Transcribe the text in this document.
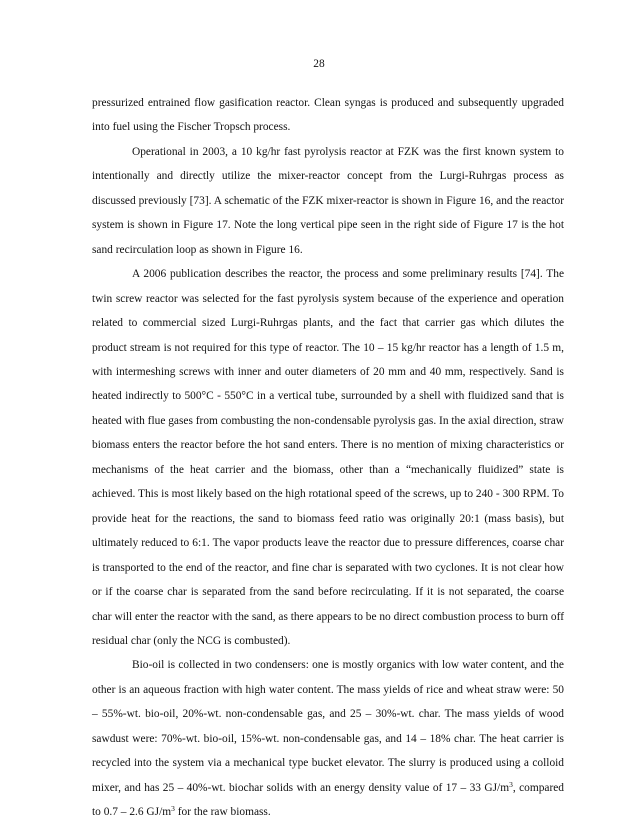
28

pressurized entrained flow gasification reactor. Clean syngas is produced and subsequently upgraded into fuel using the Fischer Tropsch process.

Operational in 2003, a 10 kg/hr fast pyrolysis reactor at FZK was the first known system to intentionally and directly utilize the mixer-reactor concept from the Lurgi-Ruhrgas process as discussed previously [73]. A schematic of the FZK mixer-reactor is shown in Figure 16, and the reactor system is shown in Figure 17. Note the long vertical pipe seen in the right side of Figure 17 is the hot sand recirculation loop as shown in Figure 16.

A 2006 publication describes the reactor, the process and some preliminary results [74]. The twin screw reactor was selected for the fast pyrolysis system because of the experience and operation related to commercial sized Lurgi-Ruhrgas plants, and the fact that carrier gas which dilutes the product stream is not required for this type of reactor. The 10 – 15 kg/hr reactor has a length of 1.5 m, with intermeshing screws with inner and outer diameters of 20 mm and 40 mm, respectively. Sand is heated indirectly to 500°C - 550°C in a vertical tube, surrounded by a shell with fluidized sand that is heated with flue gases from combusting the non-condensable pyrolysis gas. In the axial direction, straw biomass enters the reactor before the hot sand enters. There is no mention of mixing characteristics or mechanisms of the heat carrier and the biomass, other than a “mechanically fluidized” state is achieved. This is most likely based on the high rotational speed of the screws, up to 240 - 300 RPM. To provide heat for the reactions, the sand to biomass feed ratio was originally 20:1 (mass basis), but ultimately reduced to 6:1. The vapor products leave the reactor due to pressure differences, coarse char is transported to the end of the reactor, and fine char is separated with two cyclones. It is not clear how or if the coarse char is separated from the sand before recirculating. If it is not separated, the coarse char will enter the reactor with the sand, as there appears to be no direct combustion process to burn off residual char (only the NCG is combusted).

Bio-oil is collected in two condensers: one is mostly organics with low water content, and the other is an aqueous fraction with high water content. The mass yields of rice and wheat straw were: 50 – 55%-wt. bio-oil, 20%-wt. non-condensable gas, and 25 – 30%-wt. char. The mass yields of wood sawdust were: 70%-wt. bio-oil, 15%-wt. non-condensable gas, and 14 – 18% char. The heat carrier is recycled into the system via a mechanical type bucket elevator. The slurry is produced using a colloid mixer, and has 25 – 40%-wt. biochar solids with an energy density value of 17 – 33 $GJ/m^3$, compared to 0.7 – 2.6 $GJ/m^3$ for the raw biomass.
